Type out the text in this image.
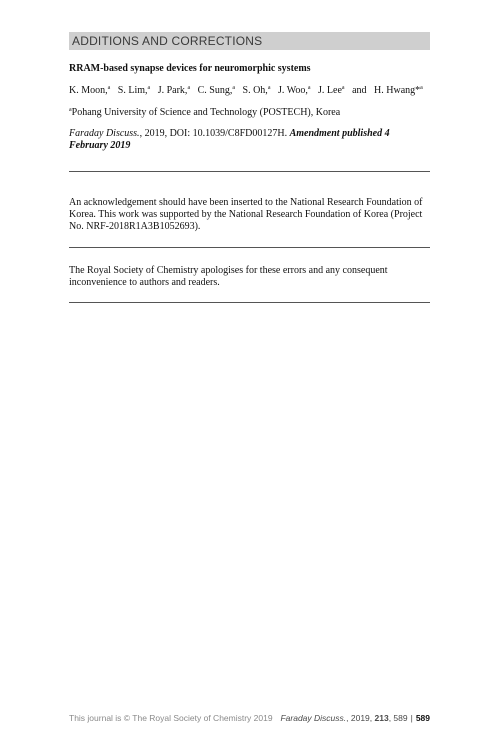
ADDITIONS AND CORRECTIONS
RRAM-based synapse devices for neuromorphic systems
K. Moon,$^a$ S. Lim,$^a$ J. Park,$^a$ C. Sung,$^a$ S. Oh,$^a$ J. Woo,$^a$ J. Lee$^a$ and H. Hwang*$^a$
$^a$Pohang University of Science and Technology (POSTECH), Korea
Faraday Discuss., 2019, DOI: 10.1039/C8FD00127H. Amendment published 4 February 2019
An acknowledgement should have been inserted to the National Research Foundation of Korea. This work was supported by the National Research Foundation of Korea (Project No. NRF-2018R1A3B1052693).
The Royal Society of Chemistry apologises for these errors and any consequent inconvenience to authors and readers.
This journal is © The Royal Society of Chemistry 2019 Faraday Discuss., 2019, 213, 589 | 589
